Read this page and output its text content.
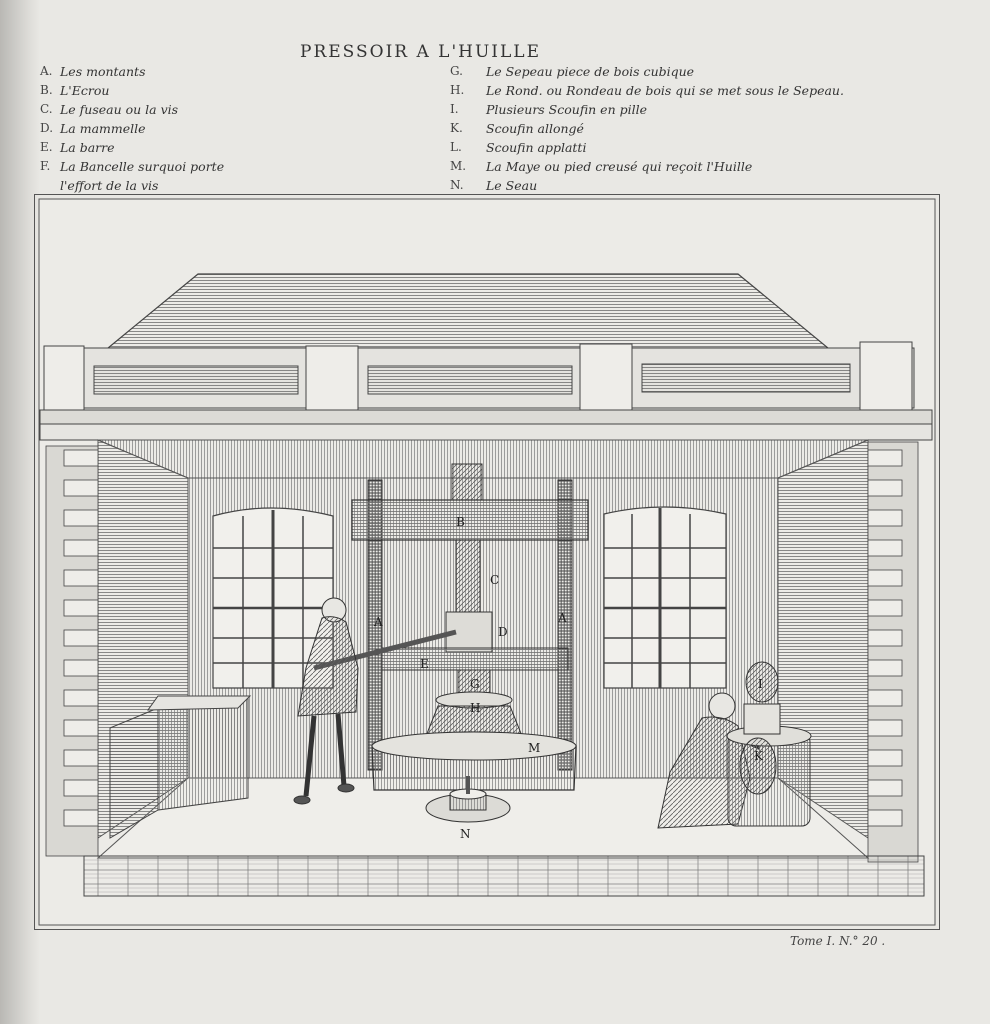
PRESSOIR A L'HUILLE
A. Les montants
B. L'Ecrou
C. Le fuseau ou la vis
D. La mammelle
E. La barre
F. La Bancelle surquoi porte
l'effort de la vis
G.	Le Sepeau piece de bois cubique
H.	Le Rond. ou Rondeau de bois qui se met sous le Sepeau.
I.	Plusieurs Scoufin en pille
K.	Scoufin allongé
L.	Scoufin applatti
M.	La Maye ou pied creusé qui reçoit l'Huille
N.	Le Seau
A	A
B
C
D
E
G
H
I
K
M
N
Tome I. N.° 20 .
